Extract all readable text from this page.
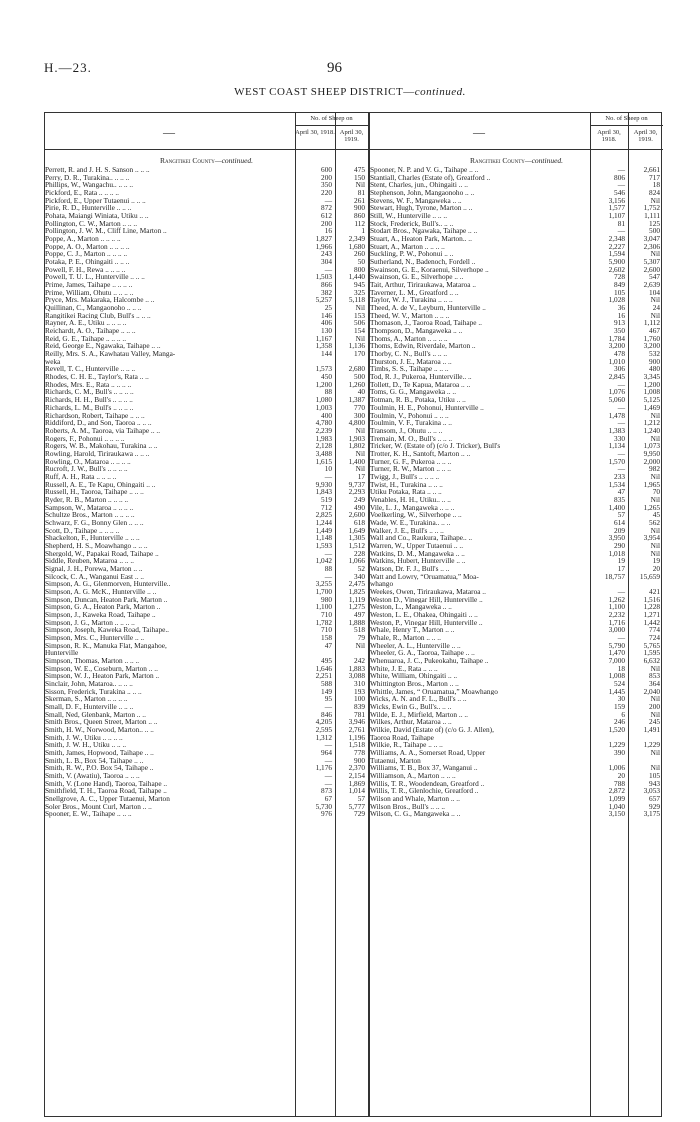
H.—23.	96
WEST COAST SHEEP DISTRICT—continued.
—	—
No. of Sheep on
April 30, 1918. April 30, 1919.
No. of Sheep on
April 30, 1918.
April 30, 1919.
Rangitikei County—continued.
Perrett, R. and J. H. S. Sanson .. .. ..	600	475
Perry, D. R., Turakina.. .. .. ..	200	150
Phillips, W., Wangachu.. .. .. ..	350	Nil
Pickford, E., Rata .. .. .. ..	220	81
Pickford, E., Upper Tutaenui .. .. ..	—	261
Pirie, R. D., Hunterville .. .. ..	872	900
Pohata, Maiangi Winiata, Utiku .. ..	612	860
Pollington, C. W., Marton .. .. ..	200	112
Pollington, J. W. M., Cliff Line, Marton ..	16	1
Poppe, A., Marton .. .. .. ..	1,827	2,349
Poppe, A. O., Marton .. .. .. ..	1,966	1,680
Poppe, C. J., Marton .. .. .. ..	243	260
Potaka, P. E., Ohingaiti .. .. ..	304	50
Powell, F. H., Rewa .. .. .. ..	—	800
Powell, T. U. L., Hunterville .. .. ..	1,503	1,440
Prime, James, Taihape .. .. .. ..	866	945
Prime, William, Ohutu .. .. .. ..	382	325
Pryce, Mrs. Makaraka, Halcombe .. ..	5,257	5,118
Quillinan, C., Mangaonoho .. .. ..	25	Nil
Rangitikei Racing Club, Bull's .. .. ..	146	153
Rayner, A. E., Utiku .. .. .. ..	406	506
Reichardt, A. O., Taihape .. .. ..	130	154
Reid, G. E., Taihape .. .. .. ..	1,167	Nil
Reid, George E., Ngawaka, Taihape .. ..	1,358	1,136
Reilly, Mrs. S. A., Kawhatau Valley, Manga-	144	170
weka
Revell, T. C., Hunterville .. .. ..	1,573	2,680
Rhodes, C. H. E., Taylor's, Rata .. ..	450	500
Rhodes, Mrs. E., Rata .. .. .. ..	1,200	1,260
Richards, C. M., Bull's .. .. .. ..	88	40
Richards, H. H., Bull's .. .. .. ..	1,080	1,387
Richards, L. M., Bull's .. .. .. ..	1,003	770
Richardson, Robert, Taihape .. .. ..	400	300
Riddiford, D., and Son, Taoroa .. .. ..	4,780	4,800
Roberts, A. M., Taoroa, via Taihape .. ..	2,239	Nil
Rogers, F., Pohonui .. .. .. ..	1,983	1,903
Rogers, W. B., Makohau, Turakina .. ..	2,128	1,802
Rowling, Harold, Tiriraukawa .. .. ..	3,488	Nil
Rowling, O., Mataroa .. .. .. ..	1,615	1,400
Rucroft, J. W., Bull's .. .. .. ..	10	Nil
Ruff, A. H., Rata .. .. .. ..	—	17
Russell, A. E., Te Kapu, Ohingaiti .. ..	9,930	9,737
Russell, H., Taoroa, Taihape .. .. ..	1,843	2,293
Ryder, R. B., Marton .. .. .. ..	519	249
Sampson, W., Mataroa .. .. .. ..	712	490
Schultze Bros., Marton .. .. .. ..	2,825	2,600
Schwarz, F. G., Bonny Glen .. .. ..	1,244	618
Scott, D., Taihape .. .. .. ..	1,449	1,649
Shackelton, F., Hunterville .. .. ..	1,148	1,305
Shepherd, H. S., Moawhango .. .. ..	1,593	1,512
Shergold, W., Papakai Road, Taihape ..	—	228
Siddle, Reuben, Mataroa .. .. ..	1,042	1,066
Signal, J. H., Porewa, Marton .. ..	88	52
Silcock, C. A., Wanganui East .. ..	—	340
Simpson, A. G., Glenmorven, Hunterville..	3,255	2,475
Simpson, A. G. McK., Hunterville .. ..	1,700	1,825
Simpson, Duncan, Heaton Park, Marton ..	980	1,119
Simpson, G. A., Heaton Park, Marton ..	1,100	1,275
Simpson, J., Kaweka Road, Taihape ..	710	497
Simpson, J. G., Marton .. .. .. ..	1,782	1,888
Simpson, Joseph, Kaweka Road, Taihape..	710	518
Simpson, Mrs. C., Hunterville .. ..	158	79
Simpson, R. K., Manuka Flat, Mangahoe,	47	Nil
Hunterville
Simpson, Thomas, Marton .. .. ..	495	242
Simpson, W. E., Coseburn, Marton .. ..	1,646	1,883
Simpson, W. J., Heaton Park, Marton ..	2,251	3,088
Sinclair, John, Mataroa.. .. .. ..	588	310
Sisson, Frederick, Turakina .. .. ..	149	193
Skerman, S., Marton .. .. .. ..	95	100
Small, D. F., Hunterville .. .. ..	—	839
Small, Ned, Glenbank, Marton .. ..	846	781
Smith Bros., Queen Street, Marton .. ..	4,205	3,946
Smith, H. W., Norwood, Marton.. .. ..	2,595	2,761
Smith, J. W., Utiku .. .. .. ..	1,312	1,196
Smith, J. W. H., Utiku .. .. ..	—	1,518
Smith, James, Hopwood, Taihape .. ..	964	778
Smith, L. B., Box 54, Taihape .. ..	—	900
Smith, R. W., P.O. Box 54, Taihape ..	1,176	2,370
Smith, V. (Awatiu), Taoroa .. .. ..	—	2,154
Smith, V. (Lone Hand), Taoroa, Taihape ..	—	1,869
Smithfield, T. H., Taoroa Road, Taihape ..	873	1,014
Snellgrove, A. C., Upper Tutaenui, Marton	67	57
Soler Bros., Mount Curl, Marton .. ..	5,730	5,777
Spooner, E. W., Taihape .. .. ..	976	729
Rangitikei County—continued.
Spooner, N. P. and V. G., Taihape .. ..	—	2,661
Stantiall, Charles (Estate of), Greatford ..	806	717
Stent, Charles, jun., Ohingaiti .. ..	—	18
Stephenson, John, Mangaonoho .. ..	546	824
Stevens, W. F., Mangaweka .. ..	3,156	Nil
Stewart, Hugh, Tyrone, Marton .. ..	1,577	1,752
Still, W., Hunterville .. .. ..	1,107	1,111
Stock, Frederick, Bull's.. .. ..	81	125
Stodart Bros., Ngawaka, Taihape .. ..	—	500
Stuart, A., Heaton Park, Marton.. ..	2,348	3,047
Stuart, A., Marton .. .. .. ..	2,227	2,306
Suckling, P. W., Pohonui .. ..	1,594	Nil
Sutherland, N., Badenoch, Fordell ..	5,900	5,307
Swainson, G. E., Koraenui, Silverhope ..	2,602	2,600
Swainson, G. E., Silverhope .. ..	728	547
Tait, Arthur, Tiriraukawa, Mataroa ..	849	2,639
Taverner, L. M., Greatford .. ..	105	104
Taylor, W. J., Turakina .. .. ..	1,028	Nil
Theed, A. de V., Leyburn, Hunterville ..	36	24
Theed, W. V., Marton .. .. ..	16	Nil
Thomason, J., Taoroa Road, Taihape ..	913	1,112
Thompson, D., Mangaweka .. ..	350	467
Thoms, A., Marton .. .. .. ..	1,784	1,760
Thoms, Edwin, Riverdale, Marton ..	3,200	3,200
Thorby, C. N., Bull's .. .. ..	478	532
Thurston, J. E., Mataroa .. ..	1,010	900
Timbs, S. S., Taihape .. .. ..	306	480
Tod, R. J., Pukeroa, Hunterville.. ..	2,845	3,345
Tollett, D., Te Kapua, Mataroa .. ..	—	1,200
Toms, G. G., Mangaweka .. ..	1,076	1,008
Totman, R. B., Potaka, Utiku .. ..	5,060	5,125
Toulmin, H. E., Pohonui, Hunterville ..	—	1,469
Toulmin, V., Pohonui .. .. ..	1,478	Nil
Toulmin, V. F., Turakina .. ..	—	1,212
Transom, J., Ohutu .. .. ..	1,383	1,240
Tremain, M. O., Bull's .. .. ..	330	Nil
Tricker, W. (Estate of) (c/o J. Tricker), Bull's	1,134	1,073
Trotter, K. H., Santoft, Marton .. ..	—	9,950
Turner, G. F., Pukeroa .. .. ..	1,570	2,000
Turner, R. W., Marton .. .. ..	—	982
Twigg, J., Bull's .. .. .. ..	233	Nil
Twist, H., Turakina .. .. ..	1,534	1,965
Utiku Potaka, Rata .. .. ..	47	70
Venables, H. H., Utiku.. .. ..	835	Nil
Vile, L. J., Mangaweka .. .. ..	1,400	1,265
Voelkerling, W., Silverhope .. ..	57	45
Wade, W. E., Turakina.. .. ..	614	562
Walker, J. E., Bull's .. .. ..	209	Nil
Wall and Co., Raukura, Taihape.. ..	3,950	3,954
Warren, W., Upper Tutaenui .. ..	290	Nil
Watkins, D. M., Mangaweka .. ..	1,018	Nil
Watkins, Hubert, Hunterville .. ..	19	19
Watson, Dr. F. J., Bull's .. ..	17	20
Watt and Lowry, “Oruamatua,” Moa-	18,757	15,659
whango
Weekes, Owen, Tiriraukawa, Mataroa ..	—	421
Weston D., Vinegar Hill, Hunterville ..	1,262	1,516
Weston, L., Mangaweka .. ..	1,100	1,228
Weston, L. E., Ohakea, Ohingaiti .. ..	2,232	1,271
Weston, P., Vinegar Hill, Hunterville ..	1,716	1,442
Whale, Henry T., Marton .. ..	3,000	774
Whale, R., Marton .. .. ..	—	724
Wheeler, A. L., Hunterville .. ..	5,790	5,765
Wheeler, G. A., Taoroa, Taihape .. ..	1,470	1,595
Whenuaroa, J. C., Pukeokahu, Taihape ..	7,000	6,632
White, J. E., Rata .. .. ..	18	Nil
White, William, Ohingaiti .. ..	1,008	853
Whittington Bros., Marton .. ..	524	364
Whittle, James, “ Oruamatua,” Moawhango	1,445	2,040
Wicks, A. N. and F. L., Bull's .. ..	30	Nil
Wicks, Ewin G., Bull's.. .. ..	159	200
Wilde, E. J., Mirfield, Marton .. ..	6	Nil
Wilkes, Arthur, Mataroa .. ..	246	245
Wilkie, David (Estate of) (c/o G. J. Allen),	1,520	1,491
Taoroa Road, Taihape
Wilkie, R., Taihape .. .. ..	1,229	1,229
Williams, A. A., Somerset Road, Upper	390	Nil
Tutaenui, Marton
Williams, T. B., Box 37, Wanganui ..	1,006	Nil
Williamson, A., Marton .. .. ..	20	105
Willis, T. R., Woodendean, Greatford ..	788	943
Willis, T. R., Glenlochie, Greatford ..	2,872	3,053
Wilson and Whale, Marton .. ..	1,099	657
Wilson Bros., Bull's .. .. ..	1,040	929
Wilson, C. G., Mangaweka .. ..	3,150	3,175
